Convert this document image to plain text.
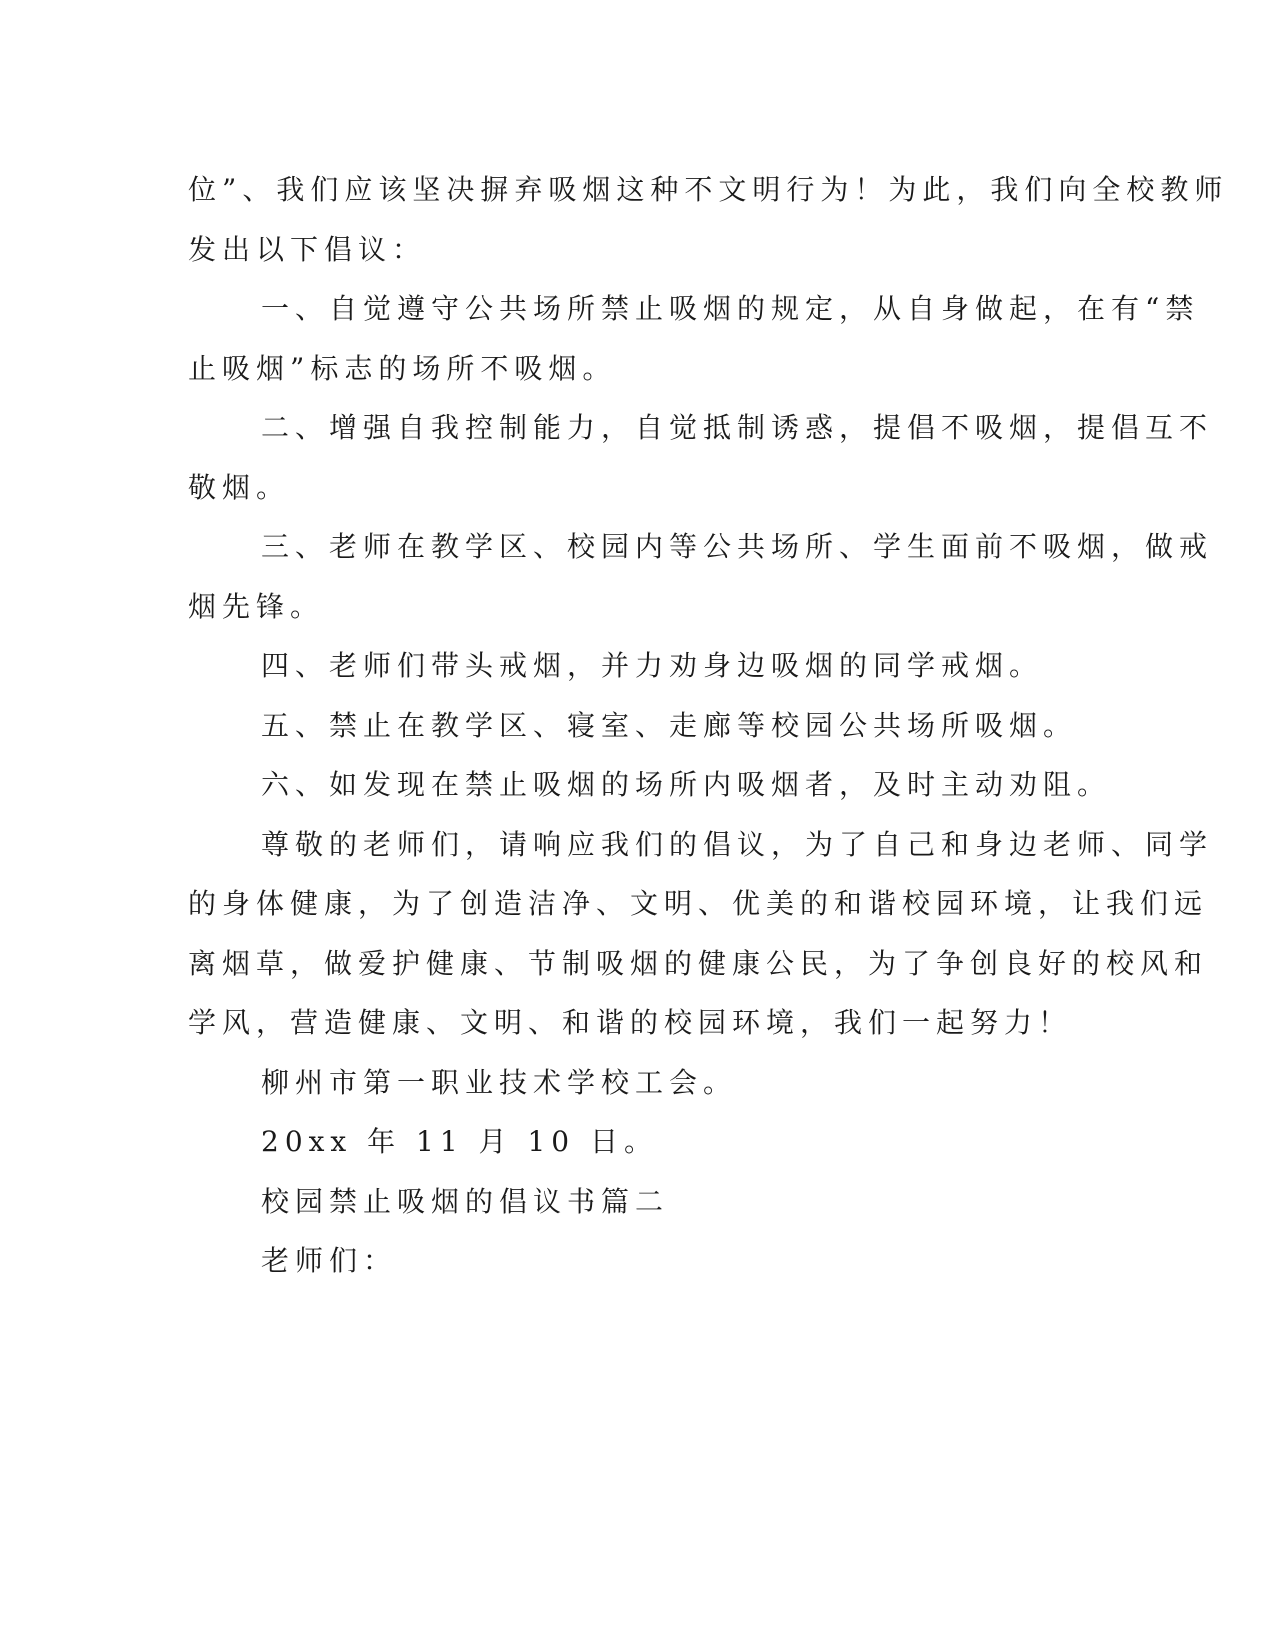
位”、我们应该坚决摒弃吸烟这种不文明行为！为此，我们向全校教师
发出以下倡议：
一、自觉遵守公共场所禁止吸烟的规定，从自身做起，在有“禁
止吸烟”标志的场所不吸烟。
二、增强自我控制能力，自觉抵制诱惑，提倡不吸烟，提倡互不
敬烟。
三、老师在教学区、校园内等公共场所、学生面前不吸烟，做戒
烟先锋。
四、老师们带头戒烟，并力劝身边吸烟的同学戒烟。
五、禁止在教学区、寝室、走廊等校园公共场所吸烟。
六、如发现在禁止吸烟的场所内吸烟者，及时主动劝阻。
尊敬的老师们，请响应我们的倡议，为了自己和身边老师、同学
的身体健康，为了创造洁净、文明、优美的和谐校园环境，让我们远
离烟草，做爱护健康、节制吸烟的健康公民，为了争创良好的校风和
学风，营造健康、文明、和谐的校园环境，我们一起努力！
柳州市第一职业技术学校工会。
20xx 年 11 月 10 日。
校园禁止吸烟的倡议书篇二
老师们：
